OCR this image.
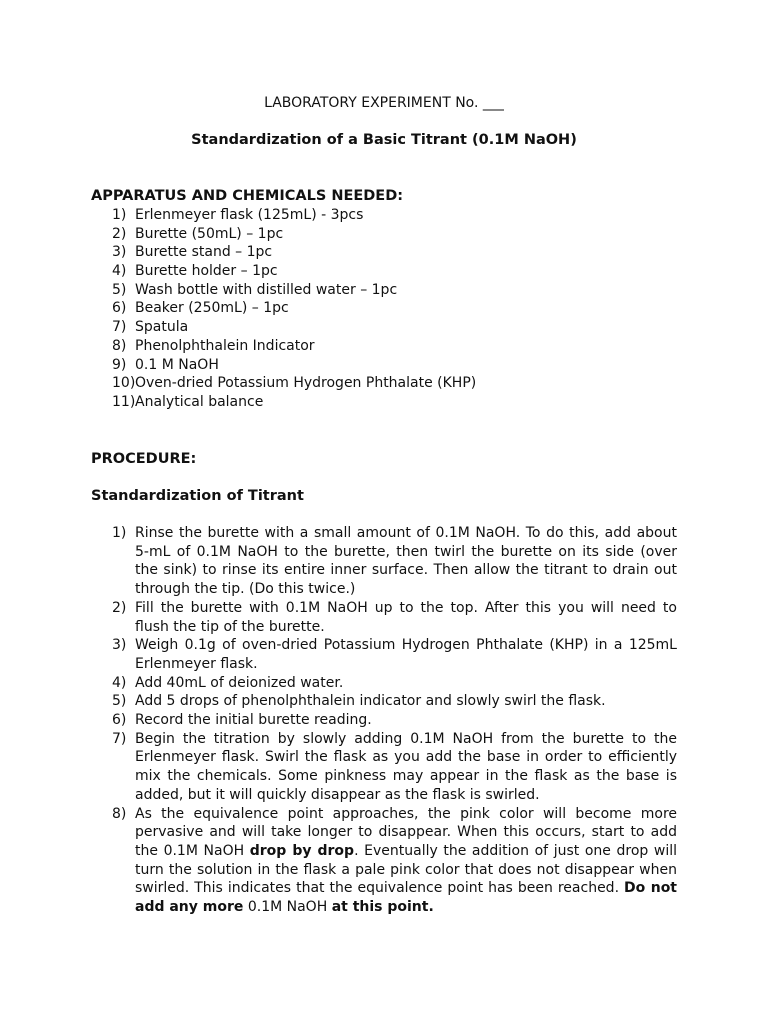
LABORATORY EXPERIMENT No. ___
Standardization of a Basic Titrant (0.1M NaOH)
APPARATUS AND CHEMICALS NEEDED:
1) Erlenmeyer flask (125mL) - 3pcs
2) Burette (50mL) – 1pc
3) Burette stand – 1pc
4) Burette holder – 1pc
5) Wash bottle with distilled water – 1pc
6) Beaker (250mL) – 1pc
7) Spatula
8) Phenolphthalein Indicator
9) 0.1 M NaOH
10) Oven-dried Potassium Hydrogen Phthalate (KHP)
11) Analytical balance
PROCEDURE:
Standardization of Titrant
1) Rinse the burette with a small amount of 0.1M NaOH. To do this, add about 5-mL of 0.1M NaOH to the burette, then twirl the burette on its side (over the sink) to rinse its entire inner surface. Then allow the titrant to drain out through the tip. (Do this twice.)
2) Fill the burette with 0.1M NaOH up to the top. After this you will need to flush the tip of the burette.
3) Weigh 0.1g of oven-dried Potassium Hydrogen Phthalate (KHP) in a 125mL Erlenmeyer flask.
4) Add 40mL of deionized water.
5) Add 5 drops of phenolphthalein indicator and slowly swirl the flask.
6) Record the initial burette reading.
7) Begin the titration by slowly adding 0.1M NaOH from the burette to the Erlenmeyer flask. Swirl the flask as you add the base in order to efficiently mix the chemicals. Some pinkness may appear in the flask as the base is added, but it will quickly disappear as the flask is swirled.
8) As the equivalence point approaches, the pink color will become more pervasive and will take longer to disappear. When this occurs, start to add the 0.1M NaOH drop by drop. Eventually the addition of just one drop will turn the solution in the flask a pale pink color that does not disappear when swirled. This indicates that the equivalence point has been reached. Do not add any more 0.1M NaOH at this point.
